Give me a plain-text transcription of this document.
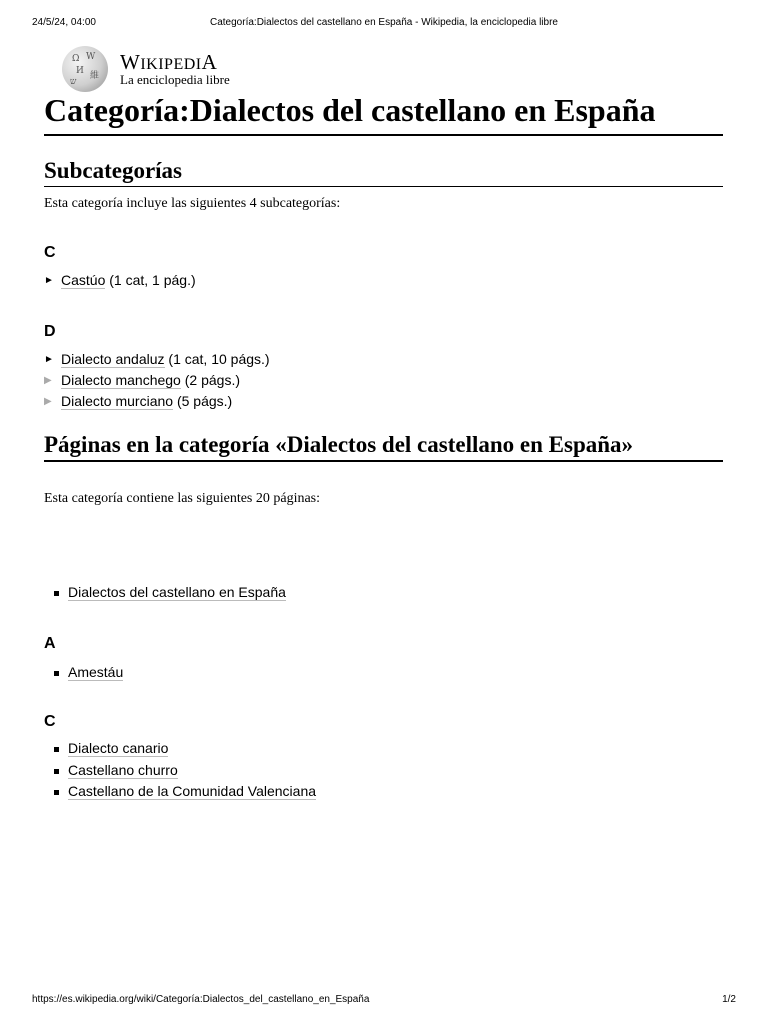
24/5/24, 04:00	Categoría:Dialectos del castellano en España - Wikipedia, la enciclopedia libre
Ω W
И 維
ש
WIKIPEDIA
La enciclopedia libre
Categoría:Dialectos del castellano en España
Subcategorías
Esta categoría incluye las siguientes 4 subcategorías:
C
► Castúo (1 cat, 1 pág.)
D
► Dialecto andaluz (1 cat, 10 págs.)
▶ Dialecto manchego (2 págs.)
▶ Dialecto murciano (5 págs.)
Páginas en la categoría «Dialectos del castellano en España»
Esta categoría contiene las siguientes 20 páginas:
Dialectos del castellano en España
A
Amestáu
C
Dialecto canario
Castellano churro
Castellano de la Comunidad Valenciana
https://es.wikipedia.org/wiki/Categoría:Dialectos_del_castellano_en_España	1/2
